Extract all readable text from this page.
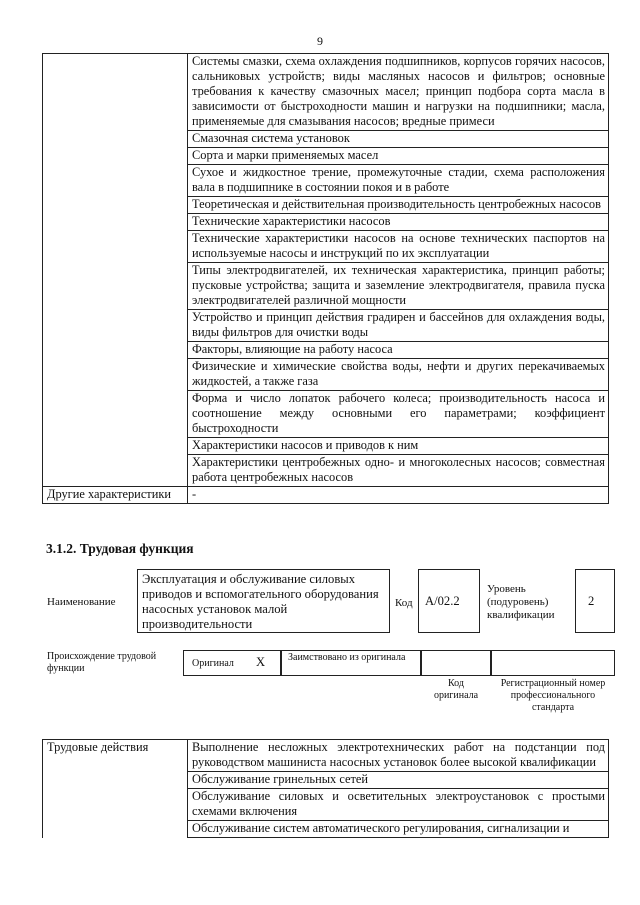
9
	Системы смазки, схема охлаждения подшипников, корпусов горячих насосов, сальниковых устройств; виды масляных насосов и фильтров; основные требования к качеству смазочных масел; принцип подбора сорта масла в зависимости от быстроходности машин и нагрузки на подшипники; масла, применяемые для смазывания насосов; вредные примеси
	Смазочная система установок
	Сорта и марки применяемых масел
	Сухое и жидкостное трение, промежуточные стадии, схема расположения вала в подшипнике в состоянии покоя и в работе
	Теоретическая и действительная производительность центробежных насосов
	Технические характеристики насосов
	Технические характеристики насосов на основе технических паспортов на используемые насосы и инструкций по их эксплуатации
	Типы электродвигателей, их техническая характеристика, принцип работы; пусковые устройства; защита и заземление электродвигателя, правила пуска электродвигателей различной мощности
	Устройство и принцип действия градирен и бассейнов для охлаждения воды, виды фильтров для очистки воды
	Факторы, влияющие на работу насоса
	Физические и химические свойства воды, нефти и других перекачиваемых жидкостей, а также газа
	Форма и число лопаток рабочего колеса; производительность насоса и соотношение между основными его параметрами; коэффициент быстроходности
	Характеристики насосов и приводов к ним
	Характеристики центробежных одно- и многоколесных насосов; совместная работа центробежных насосов
Другие характеристики	-
3.1.2. Трудовая функция
Наименование
Эксплуатация и обслуживание силовых приводов и вспомогательного оборудования насосных установок малой производительности
Код А/02.2
Уровень (подуровень) квалификации
2
Происхождение трудовой функции	Оригинал X Заимствовано из оригинала
Код оригинала
Регистрационный номер профессионального стандарта
Трудовые действия	Выполнение несложных электротехнических работ на подстанции под руководством машиниста насосных установок более высокой квалификации
	Обслуживание гринельных сетей
	Обслуживание силовых и осветительных электроустановок с простыми схемами включения
	Обслуживание систем автоматического регулирования, сигнализации и
